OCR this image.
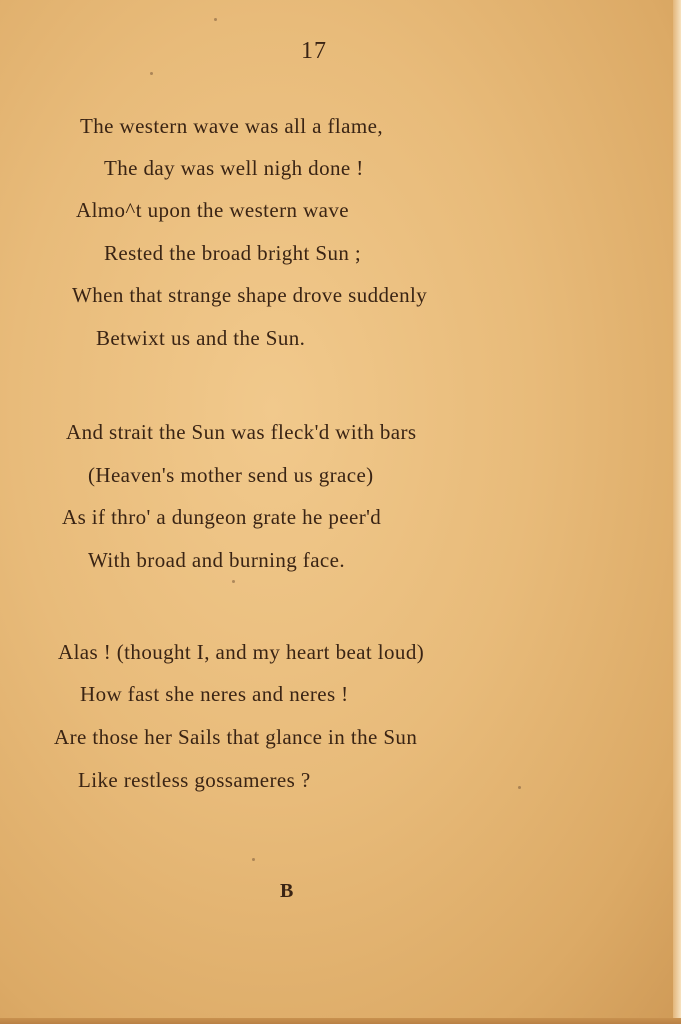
17
The western wave was all a flame,
The day was well nigh done !
Almo^t upon the western wave
Rested the broad bright Sun ;
When that strange shape drove suddenly
Betwixt us and the Sun.
And strait the Sun was fleck'd with bars
(Heaven's mother send us grace)
As if thro' a dungeon grate he peer'd
With broad and burning face.
Alas ! (thought I, and my heart beat loud)
How fast she neres and neres !
Are those her Sails that glance in the Sun
Like restless gossameres ?
B
